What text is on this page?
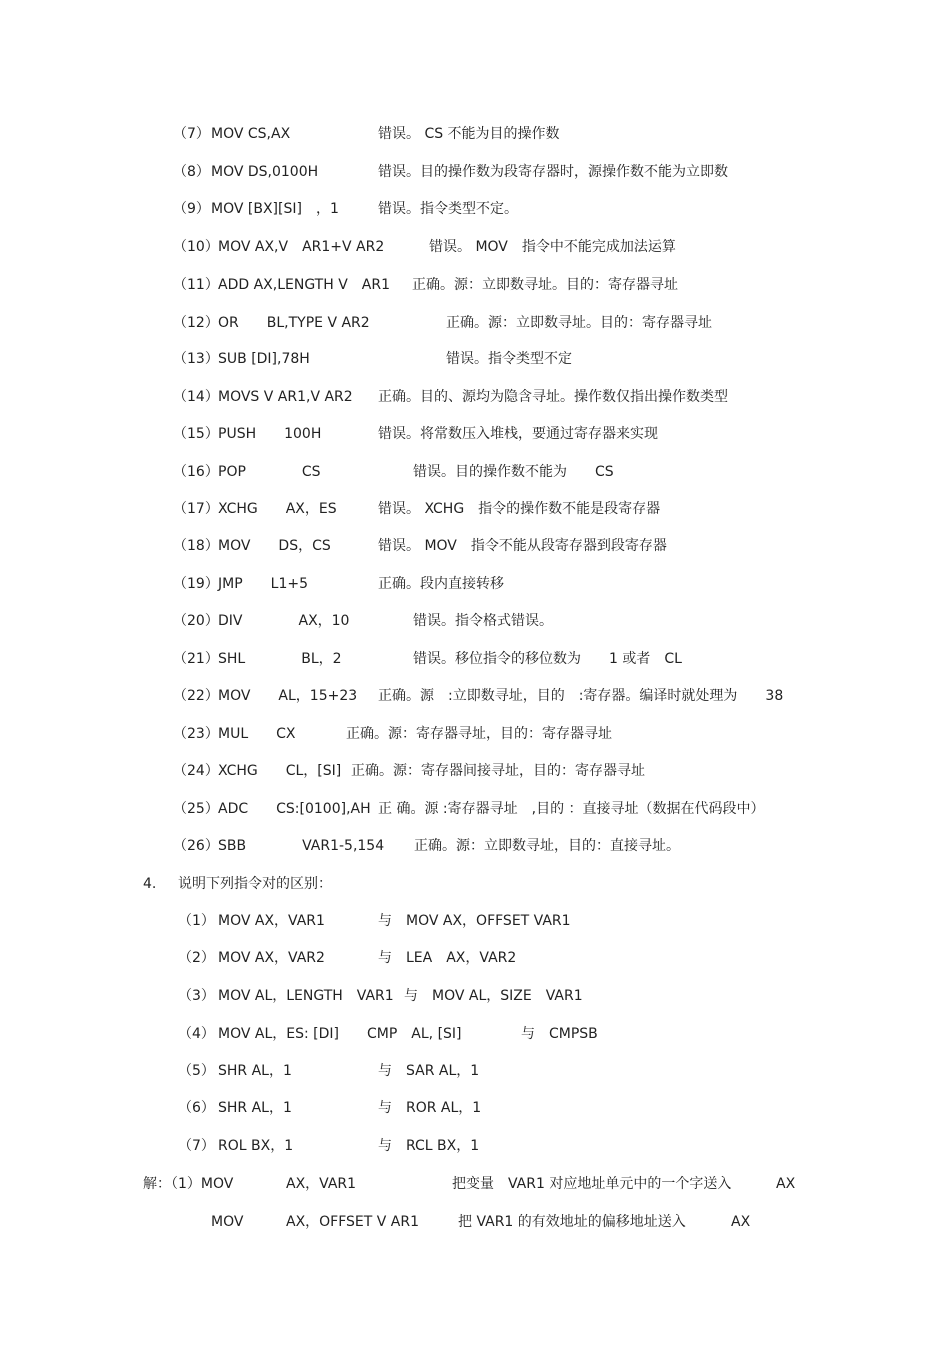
（7） MOV CS,AX	错误。 CS 不能为目的操作数
（8） MOV DS,0100H	错误。目的操作数为段寄存器时，源操作数不能为立即数
（9） MOV [BX][SI]　，1	错误。指令类型不定。
（10） MOV AX,V　AR1+V AR2	错误。 MOV　指令中不能完成加法运算
（11） ADD AX,LENGTH V　AR1 正确。源：立即数寻址。目的：寄存器寻址
（12） OR　　BL,TYPE V AR2	正确。源：立即数寻址。目的：寄存器寻址
（13） SUB [DI],78H	错误。指令类型不定
（14） MOVS V AR1,V AR2 正确。目的、源均为隐含寻址。操作数仅指出操作数类型
（15） PUSH　　100H	错误。将常数压入堆栈，要通过寄存器来实现
（16） POP　　　　CS	错误。目的操作数不能为　　CS
（17） XCHG　　AX，ES	错误。 XCHG　指令的操作数不能是段寄存器
（18） MOV　　DS，CS	错误。 MOV　指令不能从段寄存器到段寄存器
（19） JMP　　L1+5	正确。段内直接转移
（20） DIV　　　　AX，10	错误。指令格式错误。
（21） SHL　　　　BL，2	错误。移位指令的移位数为　　1 或者　CL
（22） MOV　　AL，15+23 正确。源　:立即数寻址，目的　:寄存器。编译时就处理为　　38
（23） MUL　　CX	正确。源：寄存器寻址，目的：寄存器寻址
（24） XCHG　　CL，[SI] 正确。源：寄存器间接寻址，目的：寄存器寻址
（25） ADC　　CS:[0100],AH 正 确。源 :寄存器寻址　,目的 ：直接寻址（数据在代码段中）
（26） SBB　　　　VAR1-5,154 正确。源：立即数寻址，目的：直接寻址。
4. 说明下列指令对的区别：
（1） MOV AX，VAR1	与　MOV AX，OFFSET VAR1
（2） MOV AX，VAR2	与　LEA　AX，VAR2
（3） MOV AL，LENGTH　VAR1 与　MOV AL，SIZE　VAR1
（4） MOV AL，ES: [DI]　　CMP　AL, [SI]	与　CMPSB
（5） SHR AL，1	与　SAR AL，1
（6） SHR AL，1	与　ROR AL，1
（7） ROL BX，1	与　RCL BX，1
解：（1）MOV	AX，VAR1	把变量　VAR1 对应地址单元中的一个字送入	AX
MOV	AX，OFFSET V AR1	把 VAR1 的有效地址的偏移地址送入	AX
